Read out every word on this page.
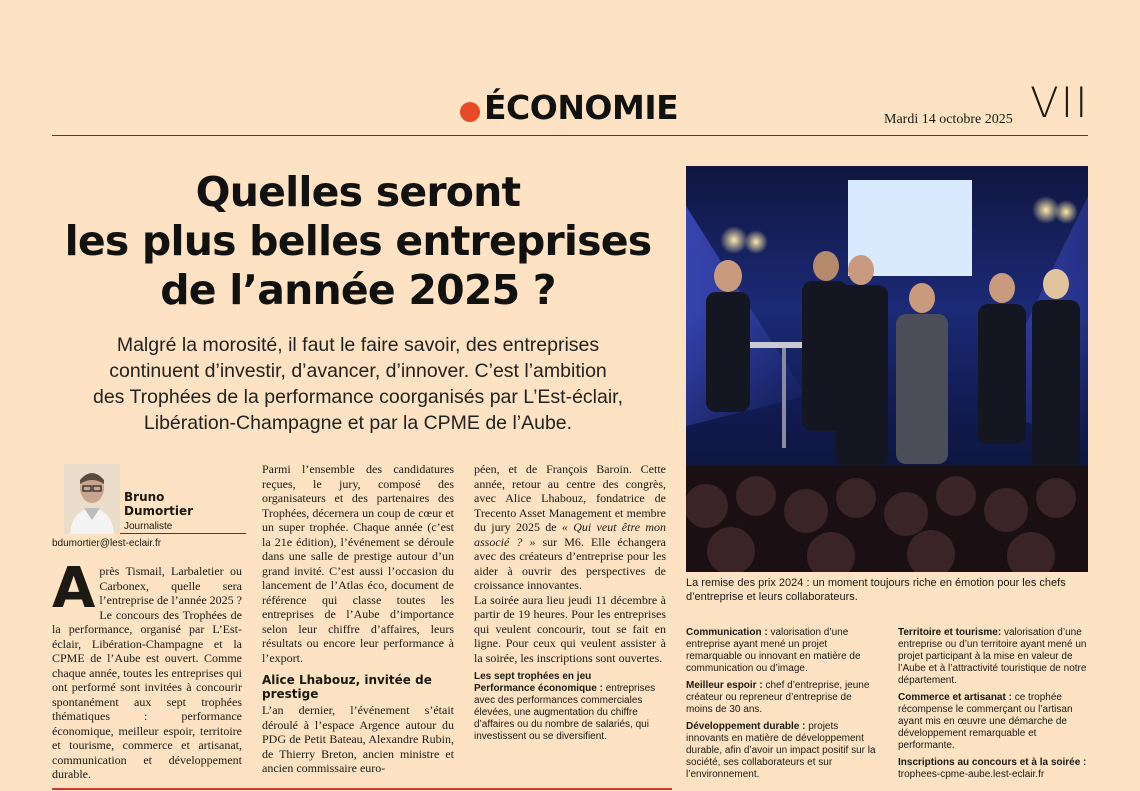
ÉCONOMIE	Mardi 14 octobre 2025 VII
Quelles seront
les plus belles entreprises
de l’année 2025 ?
Malgré la morosité, il faut le faire savoir, des entreprises
continuent d’investir, d’avancer, d’innover. C’est l’ambition
des Trophées de la performance coorganisés par L’Est-éclair,
Libération-Champagne et par la CPME de l’Aube.
La remise des prix 2024 : un moment toujours riche en émotion pour les chefs d’entreprise et leurs collaborateurs.
Bruno
Dumortier
Journaliste
bdumortier@lest-eclair.fr
A près Tismail, Larbaletier ou Carbonex, quelle sera l’entreprise de l’année 2025 ? Le concours des Trophées de la performance, organisé par L’Est-éclair, Libération-Champagne et la CPME de l’Aube est ouvert. Comme chaque année, toutes les entreprises qui ont performé sont invitées à concourir spontanément aux sept trophées thématiques : performance économique, meilleur espoir, territoire et tourisme, commerce et artisanat, communication et développement durable.
Parmi l’ensemble des candidatures reçues, le jury, composé des organisateurs et des partenaires des Trophées, décernera un coup de cœur et un super trophée. Chaque année (c’est la 21e édition), l’événement se déroule dans une salle de prestige autour d’un grand invité. C’est aussi l’occasion du lancement de l’Atlas éco, document de référence qui classe toutes les entreprises de l’Aube d’importance selon leur chiffre d’affaires, leurs résultats ou encore leur performance à l’export.
Alice Lhabouz, invitée de prestige
L’an dernier, l’événement s’était déroulé à l’espace Argence autour du PDG de Petit Bateau, Alexandre Rubin, de Thierry Breton, ancien ministre et ancien commissaire euro-
péen, et de François Baroin. Cette année, retour au centre des congrès, avec Alice Lhabouz, fondatrice de Trecento Asset Management et membre du jury 2025 de « Qui veut être mon associé ? » sur M6. Elle échangera avec des créateurs d’entreprise pour les aider à ouvrir des perspectives de croissance innovantes.
La soirée aura lieu jeudi 11 décembre à partir de 19 heures. Pour les entreprises qui veulent concourir, tout se fait en ligne. Pour ceux qui veulent assister à la soirée, les inscriptions sont ouvertes.
Les sept trophées en jeu
Performance économique : entreprises avec des performances commerciales élevées, une augmentation du chiffre d’affaires ou du nombre de salariés, qui investissent ou se diversifient.

Communication : valorisation d’une entreprise ayant mené un projet remarquable ou innovant en matière de communication ou d’image.

Meilleur espoir : chef d’entreprise, jeune créateur ou repreneur d’entreprise de moins de 30 ans.

Développement durable : projets innovants en matière de développement durable, afin d’avoir un impact positif sur la société, ses collaborateurs et sur l’environnement.

Territoire et tourisme: valorisation d’une entreprise ou d’un territoire ayant mené un projet participant à la mise en valeur de l’Aube et à l’attractivité touristique de notre département.

Commerce et artisanat : ce trophée récompense le commerçant ou l’artisan ayant mis en œuvre une démarche de développement remarquable et performante.

Inscriptions au concours et à la soirée :
trophees-cpme-aube.lest-eclair.fr
